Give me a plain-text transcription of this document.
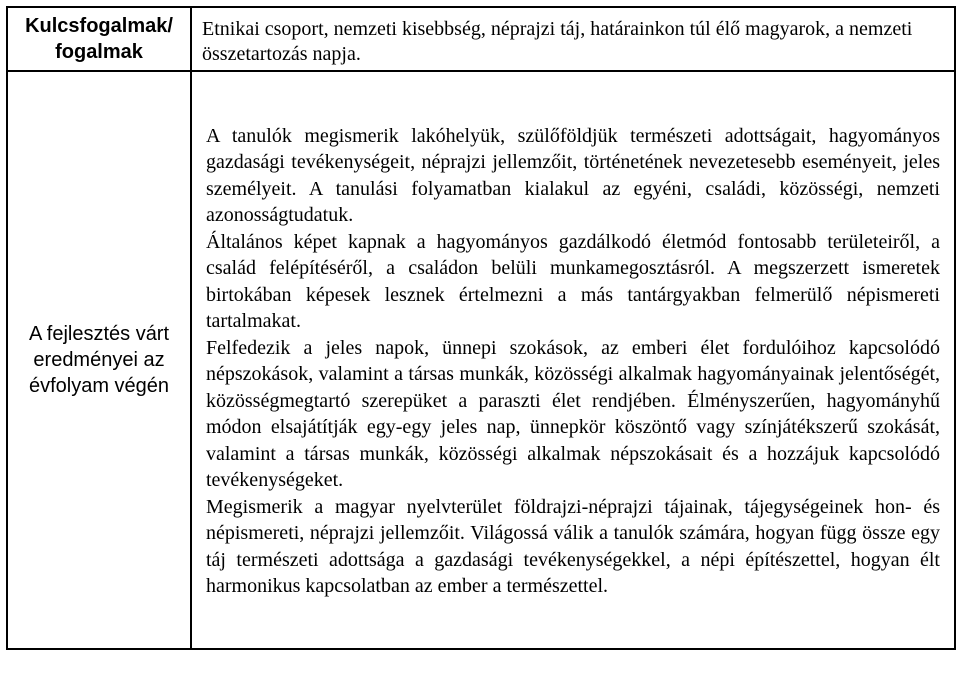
Kulcsfogalmak/ fogalmak	Etnikai csoport, nemzeti kisebbség, néprajzi táj, határainkon túl élő magyarok, a nemzeti összetartozás napja.
A fejlesztés várt eredményei az évfolyam végén	A tanulók megismerik lakóhelyük, szülőföldjük természeti adottságait, hagyományos gazdasági tevékenységeit, néprajzi jellemzőit, történetének nevezetesebb eseményeit, jeles személyeit. A tanulási folyamatban kialakul az egyéni, családi, közösségi, nemzeti azonosságtudatuk.

Általános képet kapnak a hagyományos gazdálkodó életmód fontosabb területeiről, a család felépítéséről, a családon belüli munkamegosztásról. A megszerzett ismeretek birtokában képesek lesznek értelmezni a más tantárgyakban felmerülő népismereti tartalmakat.

Felfedezik a jeles napok, ünnepi szokások, az emberi élet fordulóihoz kapcsolódó népszokások, valamint a társas munkák, közösségi alkalmak hagyományainak jelentőségét, közösségmegtartó szerepüket a paraszti élet rendjében. Élményszerűen, hagyományhű módon elsajátítják egy-egy jeles nap, ünnepkör köszöntő vagy színjátékszerű szokását, valamint a társas munkák, közösségi alkalmak népszokásait és a hozzájuk kapcsolódó tevékenységeket.

Megismerik a magyar nyelvterület földrajzi-néprajzi tájainak, tájegységeinek hon- és népismereti, néprajzi jellemzőit. Világossá válik a tanulók számára, hogyan függ össze egy táj természeti adottsága a gazdasági tevékenységekkel, a népi építészettel, hogyan élt harmonikus kapcsolatban az ember a természettel.
